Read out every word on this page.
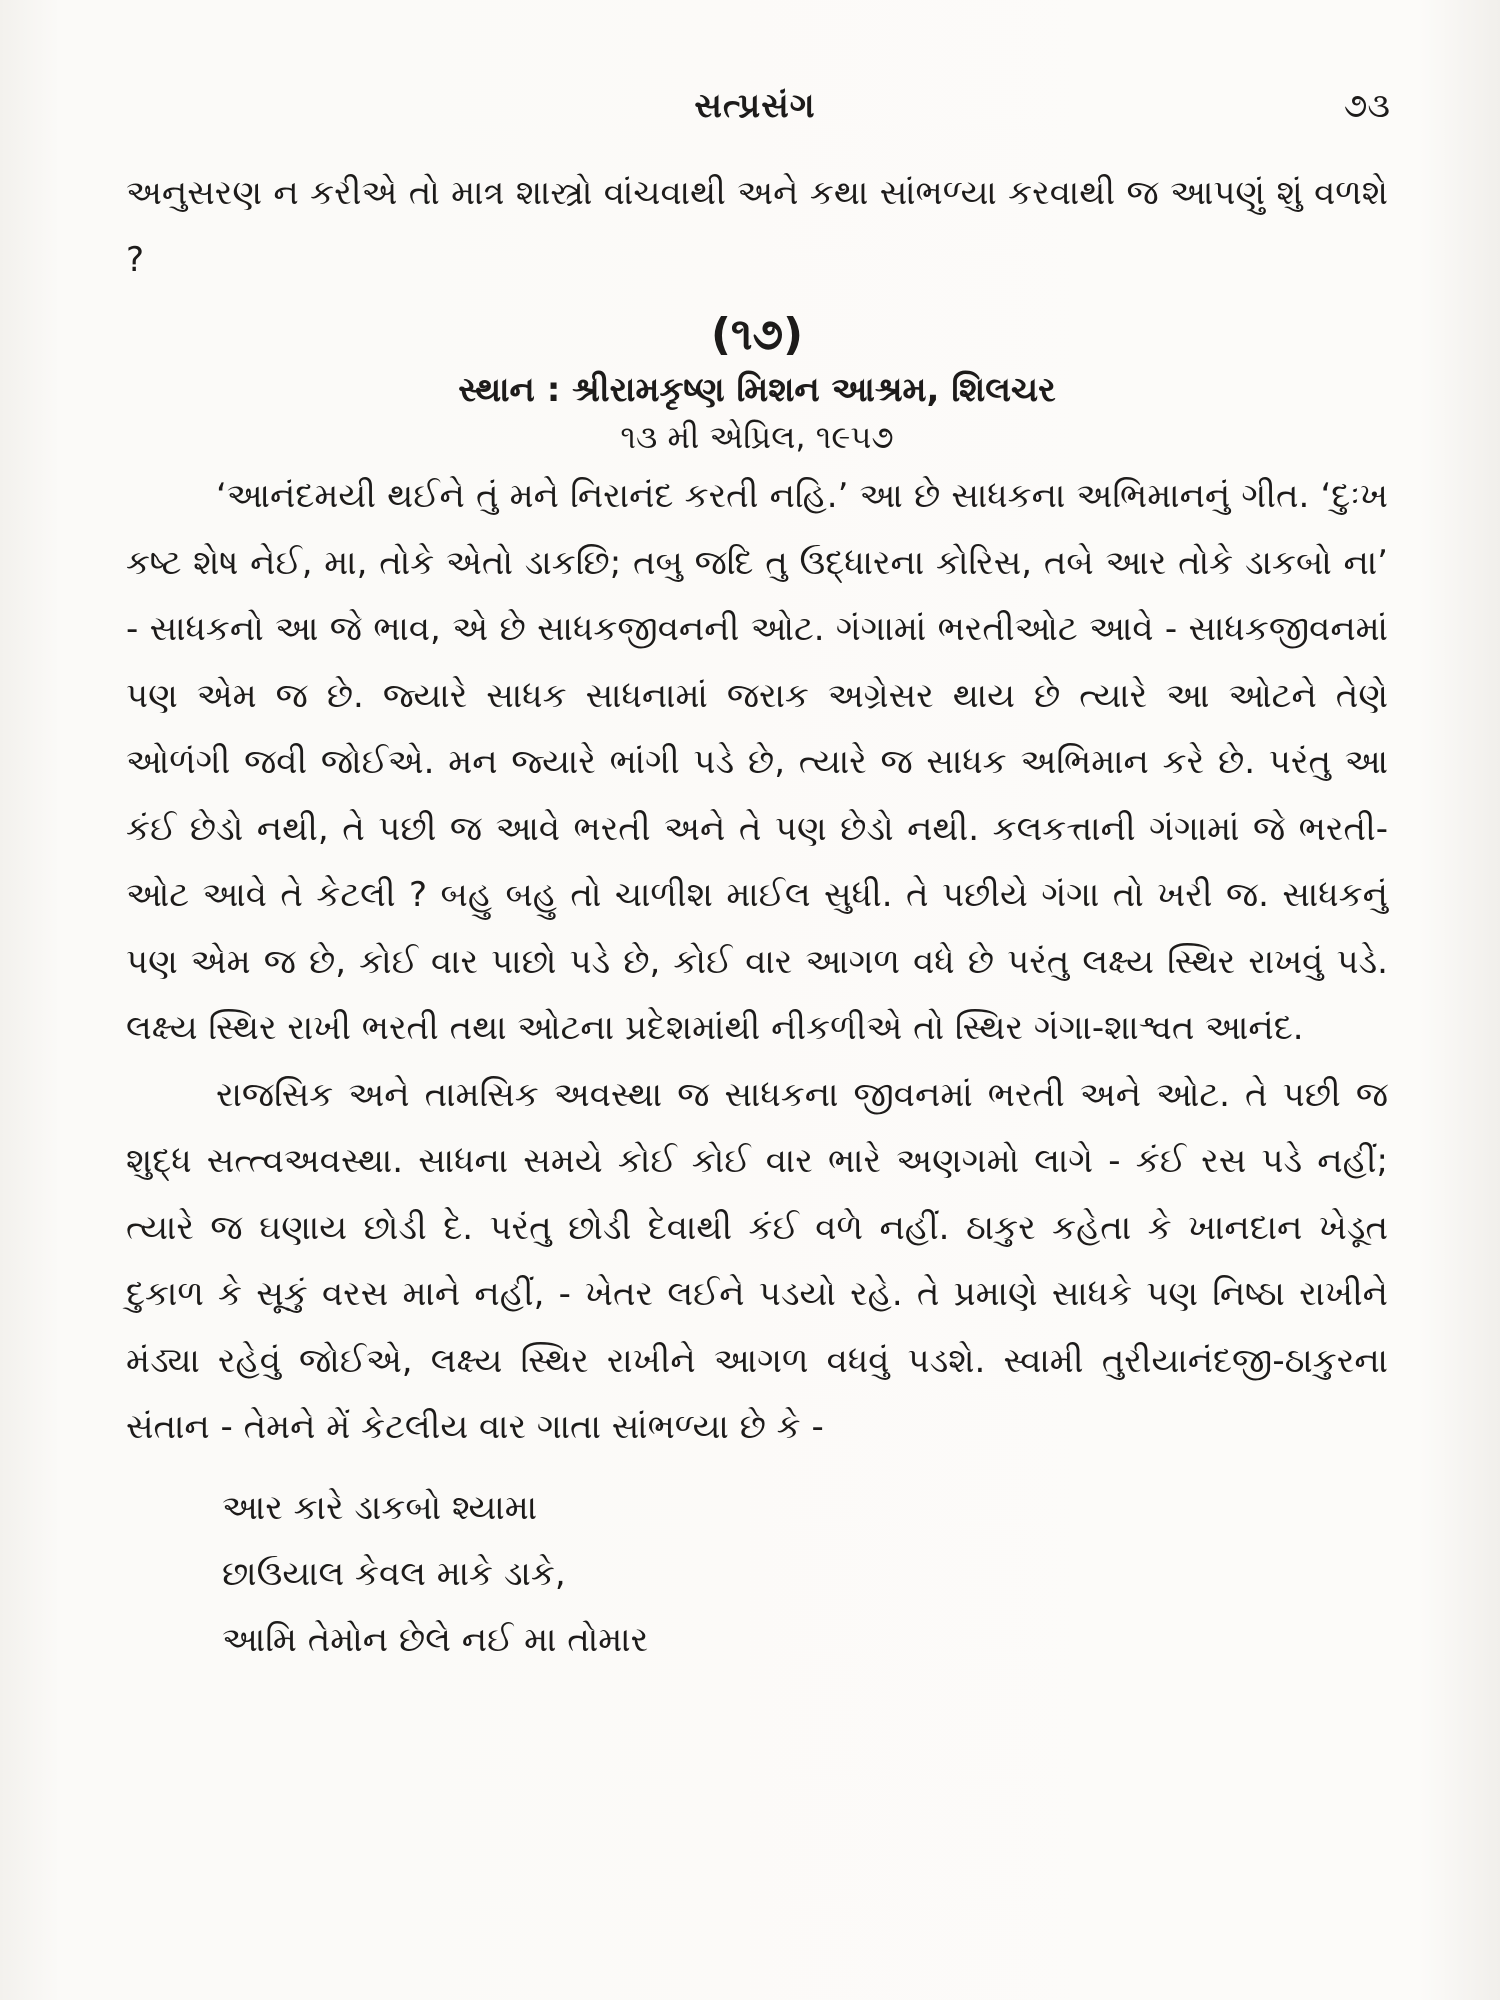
સત્પ્રસંગ	૭૩

અનુસરણ ન કરીએ તો માત્ર શાસ્ત્રો વાંચવાથી અને કથા સાંભળ્યા કરવાથી જ આપણું શું વળશે ?

(૧૭)
સ્થાન : શ્રીરામકૃષ્ણ મિશન આશ્રમ, શિલચર
૧૩ મી એપ્રિલ, ૧૯૫૭

‘આનંદમયી થઈને તું મને નિરાનંદ કરતી નહિ.’ આ છે સાધકના અભિમાનનું ગીત. ‘દુઃખ કષ્ટ શેષ નેઈ, મા, તોકે એતો ડાકછિ; તબુ જદિ તુ ઉદ્ધારના કોરિસ, તબે આર તોકે ડાકબો ના’ - સાધકનો આ જે ભાવ, એ છે સાધકજીવનની ઓટ. ગંગામાં ભરતીઓટ આવે - સાધકજીવનમાં પણ એમ જ છે. જ્યારે સાધક સાધનામાં જરાક અગ્રેસર થાય છે ત્યારે આ ઓટને તેણે ઓળંગી જવી જોઈએ. મન જ્યારે ભાંગી પડે છે, ત્યારે જ સાધક અભિમાન કરે છે. પરંતુ આ કંઈ છેડો નથી, તે પછી જ આવે ભરતી અને તે પણ છેડો નથી. કલકત્તાની ગંગામાં જે ભરતી-ઓટ આવે તે કેટલી ? બહુ બહુ તો ચાળીશ માઈલ સુધી. તે પછીયે ગંગા તો ખરી જ. સાધકનું પણ એમ જ છે, કોઈ વાર પાછો પડે છે, કોઈ વાર આગળ વધે છે પરંતુ લક્ષ્ય સ્થિર રાખવું પડે. લક્ષ્ય સ્થિર રાખી ભરતી તથા ઓટના પ્રદેશમાંથી નીકળીએ તો સ્થિર ગંગા-શાશ્વત આનંદ.

રાજસિક અને તામસિક અવસ્થા જ સાધકના જીવનમાં ભરતી અને ઓટ. તે પછી જ શુદ્ધ સત્ત્વઅવસ્થા. સાધના સમયે કોઈ કોઈ વાર ભારે અણગમો લાગે - કંઈ રસ પડે નહીં; ત્યારે જ ઘણાય છોડી દે. પરંતુ છોડી દેવાથી કંઈ વળે નહીં. ઠાકુર કહેતા કે ખાનદાન ખેડૂત દુકાળ કે સૂકું વરસ માને નહીં, - ખેતર લઈને પડયો રહે. તે પ્રમાણે સાધકે પણ નિષ્ઠા રાખીને મંડ્યા રહેવું જોઈએ, લક્ષ્ય સ્થિર રાખીને આગળ વધવું પડશે. સ્વામી તુરીયાનંદજી-ઠાકુરના સંતાન - તેમને મેં કેટલીય વાર ગાતા સાંભળ્યા છે કે -

આર કારે ડાકબો શ્યામા
છાઉયાલ કેવલ માકે ડાકે,
આમિ તેમોન છેલે નઈ મા તોમાર
